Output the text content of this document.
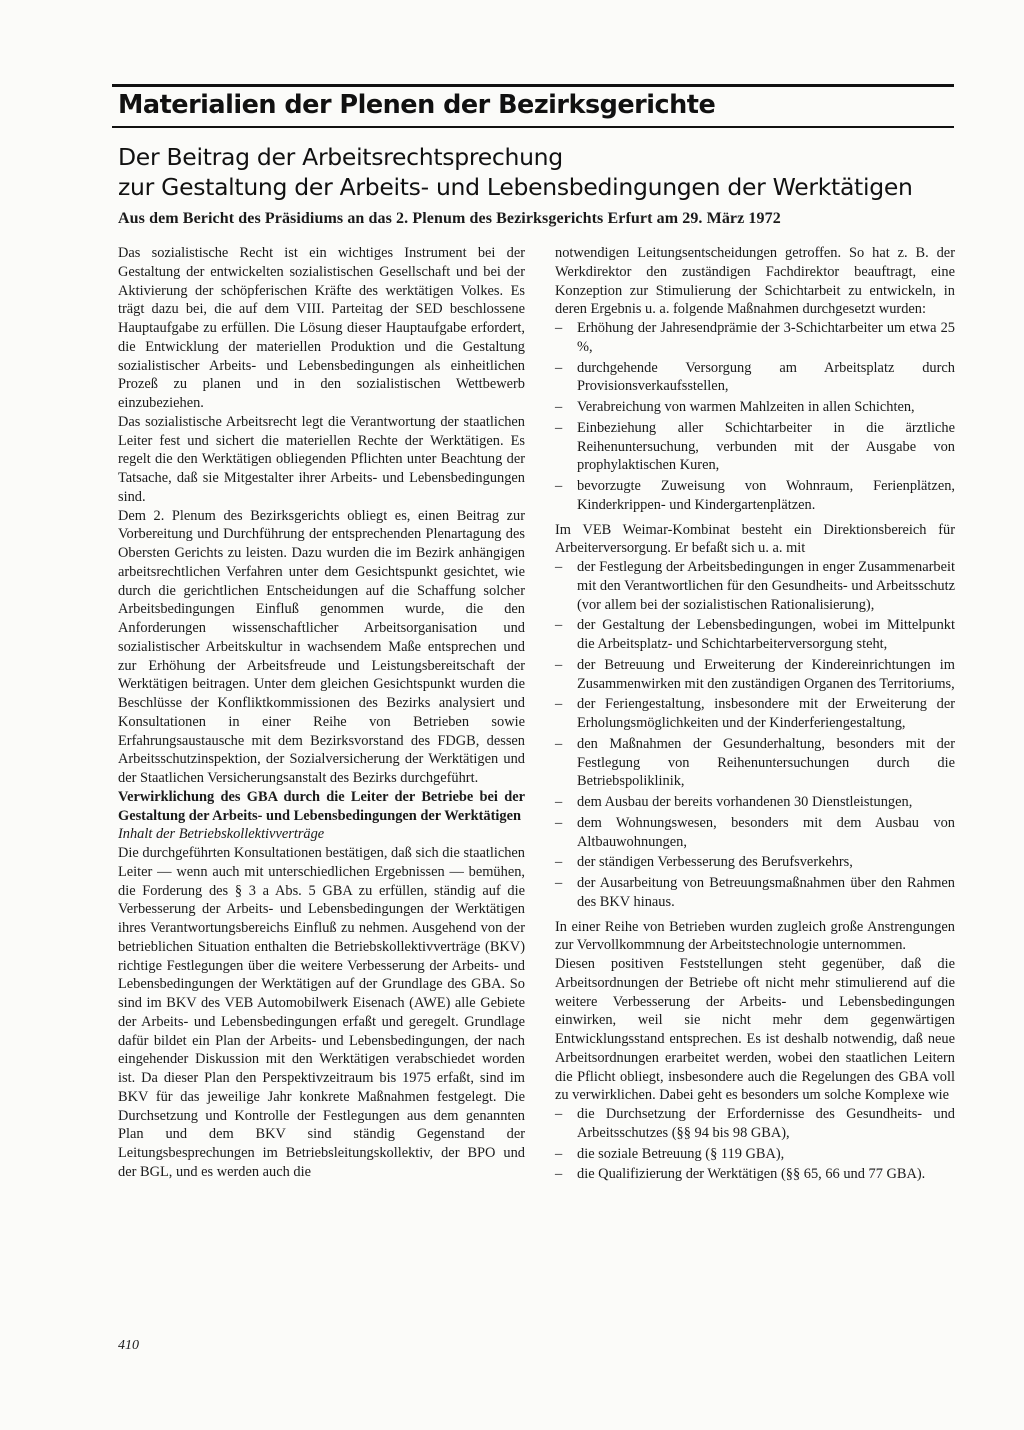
Materialien der Plenen der Bezirksgerichte
Der Beitrag der Arbeitsrechtsprechung
zur Gestaltung der Arbeits- und Lebensbedingungen der Werktätigen
Aus dem Bericht des Präsidiums an das 2. Plenum des Bezirksgerichts Erfurt am 29. März 1972

Das sozialistische Recht ist ein wichtiges Instrument bei der Gestaltung der entwickelten sozialistischen Gesellschaft und bei der Aktivierung der schöpferischen Kräfte des werktätigen Volkes. Es trägt dazu bei, die auf dem VIII. Parteitag der SED beschlossene Hauptaufgabe zu erfüllen. Die Lösung dieser Hauptaufgabe erfordert, die Entwicklung der materiellen Produktion und die Gestaltung sozialistischer Arbeits- und Lebensbedingungen als einheitlichen Prozeß zu planen und in den sozialistischen Wettbewerb einzubeziehen.

Das sozialistische Arbeitsrecht legt die Verantwortung der staatlichen Leiter fest und sichert die materiellen Rechte der Werktätigen. Es regelt die den Werktätigen obliegenden Pflichten unter Beachtung der Tatsache, daß sie Mitgestalter ihrer Arbeits- und Lebensbedingungen sind.

Dem 2. Plenum des Bezirksgerichts obliegt es, einen Beitrag zur Vorbereitung und Durchführung der entsprechenden Plenartagung des Obersten Gerichts zu leisten. Dazu wurden die im Bezirk anhängigen arbeitsrechtlichen Verfahren unter dem Gesichtspunkt gesichtet, wie durch die gerichtlichen Entscheidungen auf die Schaffung solcher Arbeitsbedingungen Einfluß genommen wurde, die den Anforderungen wissenschaftlicher Arbeitsorganisation und sozialistischer Arbeitskultur in wachsendem Maße entsprechen und zur Erhöhung der Arbeitsfreude und Leistungsbereitschaft der Werktätigen beitragen. Unter dem gleichen Gesichtspunkt wurden die Beschlüsse der Konfliktkommissionen des Bezirks analysiert und Konsultationen in einer Reihe von Betrieben sowie Erfahrungsaustausche mit dem Bezirksvorstand des FDGB, dessen Arbeitsschutzinspektion, der Sozialversicherung der Werktätigen und der Staatlichen Versicherungsanstalt des Bezirks durchgeführt.

Verwirklichung des GBA durch die Leiter der Betriebe bei der Gestaltung der Arbeits- und Lebensbedingungen der Werktätigen

Inhalt der Betriebskollektivverträge

Die durchgeführten Konsultationen bestätigen, daß sich die staatlichen Leiter — wenn auch mit unterschiedlichen Ergebnissen — bemühen, die Forderung des § 3 a Abs. 5 GBA zu erfüllen, ständig auf die Verbesserung der Arbeits- und Lebensbedingungen der Werktätigen ihres Verantwortungsbereichs Einfluß zu nehmen. Ausgehend von der betrieblichen Situation enthalten die Betriebskollektivverträge (BKV) richtige Festlegungen über die weitere Verbesserung der Arbeits- und Lebensbedingungen der Werktätigen auf der Grundlage des GBA. So sind im BKV des VEB Automobilwerk Eisenach (AWE) alle Gebiete der Arbeits- und Lebensbedingungen erfaßt und geregelt. Grundlage dafür bildet ein Plan der Arbeits- und Lebensbedingungen, der nach eingehender Diskussion mit den Werktätigen verabschiedet worden ist. Da dieser Plan den Perspektivzeitraum bis 1975 erfaßt, sind im BKV für das jeweilige Jahr konkrete Maßnahmen festgelegt. Die Durchsetzung und Kontrolle der Festlegungen aus dem genannten Plan und dem BKV sind ständig Gegenstand der Leitungsbesprechungen im Betriebsleitungskollektiv, der BPO und der BGL, und es werden auch die

notwendigen Leitungsentscheidungen getroffen. So hat z. B. der Werkdirektor den zuständigen Fachdirektor beauftragt, eine Konzeption zur Stimulierung der Schichtarbeit zu entwickeln, in deren Ergebnis u. a. folgende Maßnahmen durchgesetzt wurden:

– Erhöhung der Jahresendprämie der 3-Schichtarbeiter um etwa 25 %,
– durchgehende Versorgung am Arbeitsplatz durch Provisionsverkaufsstellen,
– Verabreichung von warmen Mahlzeiten in allen Schichten,
– Einbeziehung aller Schichtarbeiter in die ärztliche Reihenuntersuchung, verbunden mit der Ausgabe von prophylaktischen Kuren,
– bevorzugte Zuweisung von Wohnraum, Ferienplätzen, Kinderkrippen- und Kindergartenplätzen.

Im VEB Weimar-Kombinat besteht ein Direktionsbereich für Arbeiterversorgung. Er befaßt sich u. a. mit

– der Festlegung der Arbeitsbedingungen in enger Zusammenarbeit mit den Verantwortlichen für den Gesundheits- und Arbeitsschutz (vor allem bei der sozialistischen Rationalisierung),
– der Gestaltung der Lebensbedingungen, wobei im Mittelpunkt die Arbeitsplatz- und Schichtarbeiterversorgung steht,
– der Betreuung und Erweiterung der Kindereinrichtungen im Zusammenwirken mit den zuständigen Organen des Territoriums,
– der Feriengestaltung, insbesondere mit der Erweiterung der Erholungsmöglichkeiten und der Kinderferiengestaltung,
– den Maßnahmen der Gesunderhaltung, besonders mit der Festlegung von Reihenuntersuchungen durch die Betriebspoliklinik,
– dem Ausbau der bereits vorhandenen 30 Dienstleistungen,
– dem Wohnungswesen, besonders mit dem Ausbau von Altbauwohnungen,
– der ständigen Verbesserung des Berufsverkehrs,
– der Ausarbeitung von Betreuungsmaßnahmen über den Rahmen des BKV hinaus.

In einer Reihe von Betrieben wurden zugleich große Anstrengungen zur Vervollkommnung der Arbeitstechnologie unternommen.

Diesen positiven Feststellungen steht gegenüber, daß die Arbeitsordnungen der Betriebe oft nicht mehr stimulierend auf die weitere Verbesserung der Arbeits- und Lebensbedingungen einwirken, weil sie nicht mehr dem gegenwärtigen Entwicklungsstand entsprechen. Es ist deshalb notwendig, daß neue Arbeitsordnungen erarbeitet werden, wobei den staatlichen Leitern die Pflicht obliegt, insbesondere auch die Regelungen des GBA voll zu verwirklichen. Dabei geht es besonders um solche Komplexe wie

– die Durchsetzung der Erfordernisse des Gesundheits- und Arbeitsschutzes (§§ 94 bis 98 GBA),
– die soziale Betreuung (§ 119 GBA),
– die Qualifizierung der Werktätigen (§§ 65, 66 und 77 GBA).
410
